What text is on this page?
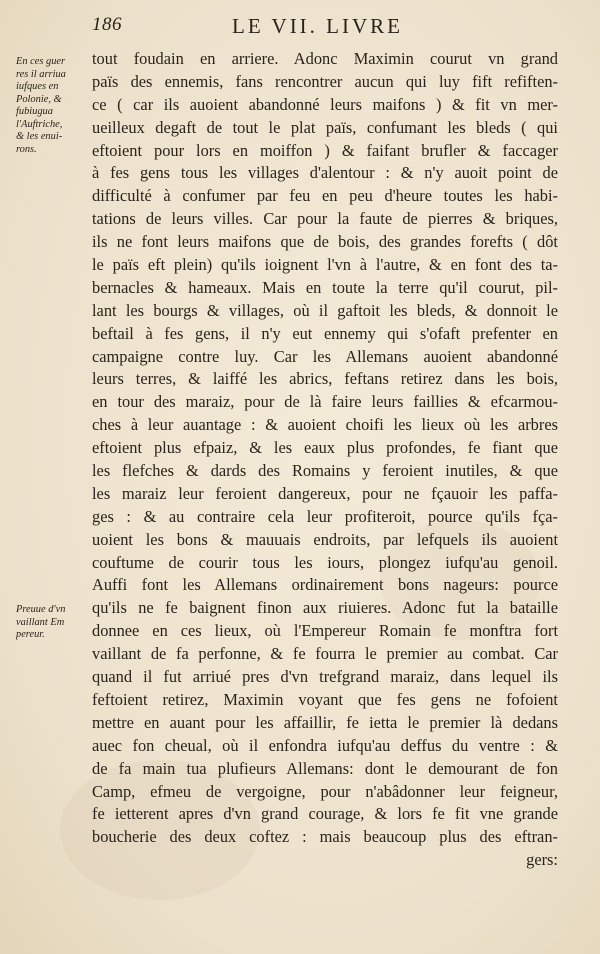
186	LE VII. LIVRE
En ces guer
res il arriua
iufques en
Polonie, &
fubiugua
l'Auftriche,
& les enui-
rons.
Preuue d'vn
vaillant Em
pereur.
tout foudain en arriere. Adonc Maximin courut vn grand
païs des ennemis, fans rencontrer aucun qui luy fift refiften-
ce ( car ils auoient abandonné leurs maifons ) & fit vn mer-
ueilleux degaft de tout le plat païs, confumant les bleds ( qui
eftoient pour lors en moiffon ) & faifant brufler & faccager
à fes gens tous les villages d'alentour : & n'y auoit point de
difficulté à confumer par feu en peu d'heure toutes les habi-
tations de leurs villes. Car pour la faute de pierres & briques,
ils ne font leurs maifons que de bois, des grandes forefts ( dôt
le païs eft plein) qu'ils ioignent l'vn à l'autre, & en font des ta-
bernacles & hameaux. Mais en toute la terre qu'il courut, pil-
lant les bourgs & villages, où il gaftoit les bleds, & donnoit le
beftail à fes gens, il n'y eut ennemy qui s'ofaft prefenter en
campaigne contre luy. Car les Allemans auoient abandonné
leurs terres, & laiffé les abrics, feftans retirez dans les bois,
en tour des maraiz, pour de là faire leurs faillies & efcarmou-
ches à leur auantage : & auoient choifi les lieux où les arbres
eftoient plus efpaiz, & les eaux plus profondes, fe fiant que
les flefches & dards des Romains y feroient inutiles, & que
les maraiz leur feroient dangereux, pour ne fçauoir les paffa-
ges : & au contraire cela leur profiteroit, pource qu'ils fça-
uoient les bons & mauuais endroits, par lefquels ils auoient
couftume de courir tous les iours, plongez iufqu'au genoil.
Auffi font les Allemans ordinairement bons nageurs: pource
qu'ils ne fe baignent finon aux riuieres. Adonc fut la bataille
donnee en ces lieux, où l'Empereur Romain fe monftra fort
vaillant de fa perfonne, & fe fourra le premier au combat. Car
quand il fut arriué pres d'vn trefgrand maraiz, dans lequel ils
feftoient retirez, Maximin voyant que fes gens ne fofoient
mettre en auant pour les affaillir, fe ietta le premier là dedans
auec fon cheual, où il enfondra iufqu'au deffus du ventre : &
de fa main tua plufieurs Allemans: dont le demourant de fon
Camp, efmeu de vergoigne, pour n'abâdonner leur feigneur,
fe ietterent apres d'vn grand courage, & lors fe fit vne grande
boucherie des deux coftez : mais beaucoup plus des eftran-
gers:
